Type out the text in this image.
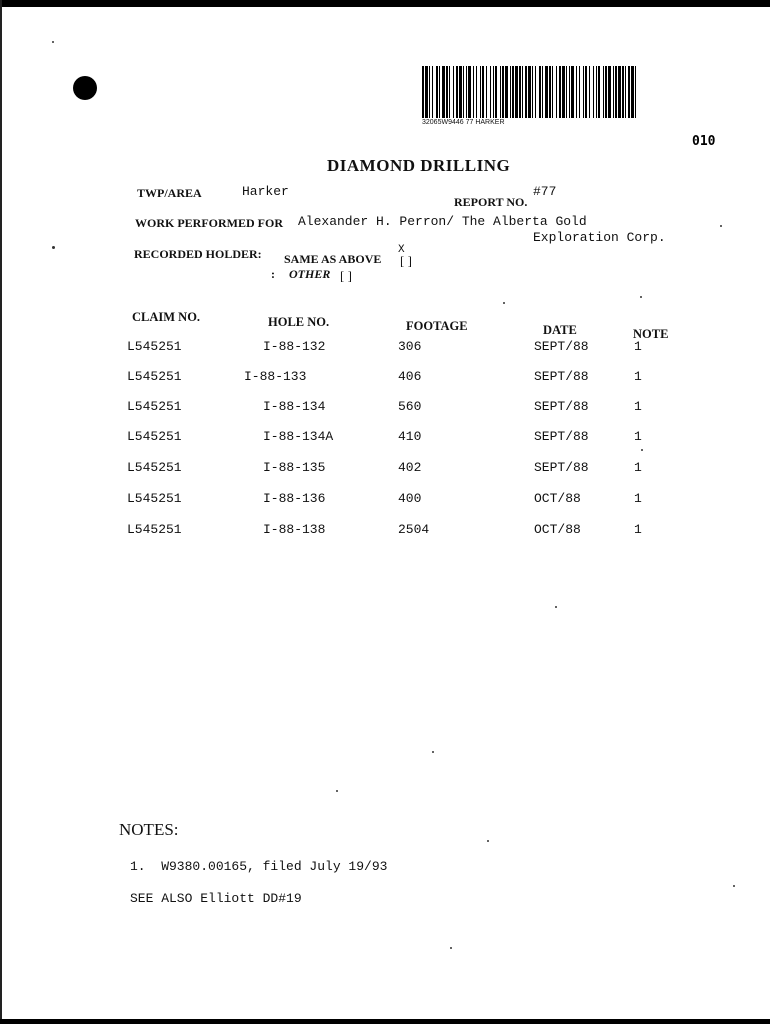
32065W9446 77 HARKER
010
DIAMOND DRILLING
TWP/AREA	Harker	#77
REPORT NO.
WORK PERFORMED FOR Alexander H. Perron/ The Alberta Gold
Exploration Corp.
RECORDED HOLDER: SAME AS ABOVE [ ]
X
: OTHER [ ]
CLAIM NO.	HOLE NO.	FOOTAGE	DATE	NOTE
L545251	I-88-132	306	SEPT/88	1
L545251	I-88-133	406	SEPT/88	1
L545251	I-88-134	560	SEPT/88	1
L545251	I-88-134A	410	SEPT/88	1
L545251	I-88-135	402	SEPT/88	1
L545251	I-88-136	400	OCT/88	1
L545251	I-88-138	2504	OCT/88	1
NOTES:
1.  W9380.00165, filed July 19/93
SEE ALSO Elliott DD#19
